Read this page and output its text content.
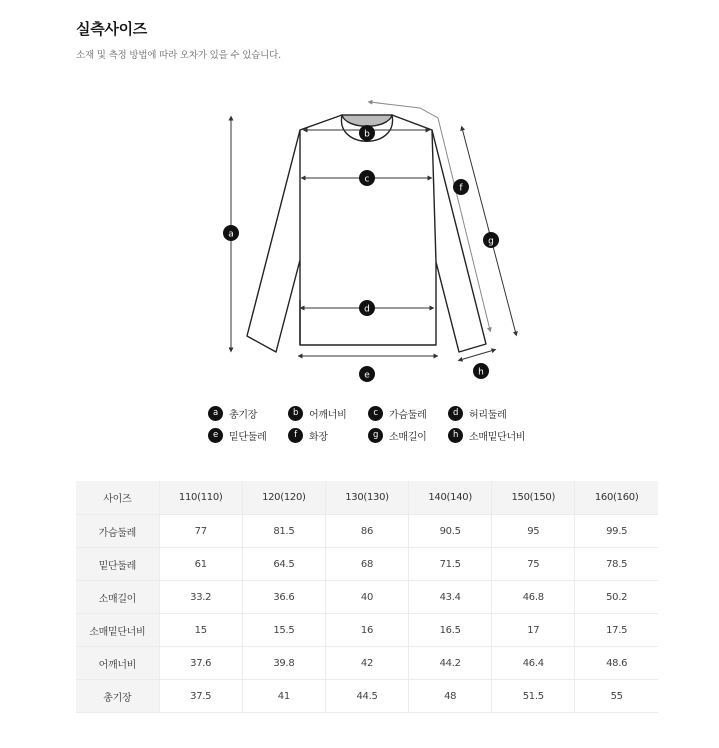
실측사이즈
소재 및 측정 방법에 따라 오차가 있을 수 있습니다.
a
b
c
d
e
f
g
h
a	총기장	b	어깨너비	c	가슴둘레	d	허리둘레
e	밑단둘레	f	화장	g	소매길이	h	소매밑단너비
사이즈	110(110)	120(120)	130(130)	140(140)	150(150)	160(160)
가슴둘레	77	81.5	86	90.5	95	99.5
밑단둘레	61	64.5	68	71.5	75	78.5
소매길이	33.2	36.6	40	43.4	46.8	50.2
소매밑단너비	15	15.5	16	16.5	17	17.5
어깨너비	37.6	39.8	42	44.2	46.4	48.6
총기장	37.5	41	44.5	48	51.5	55
